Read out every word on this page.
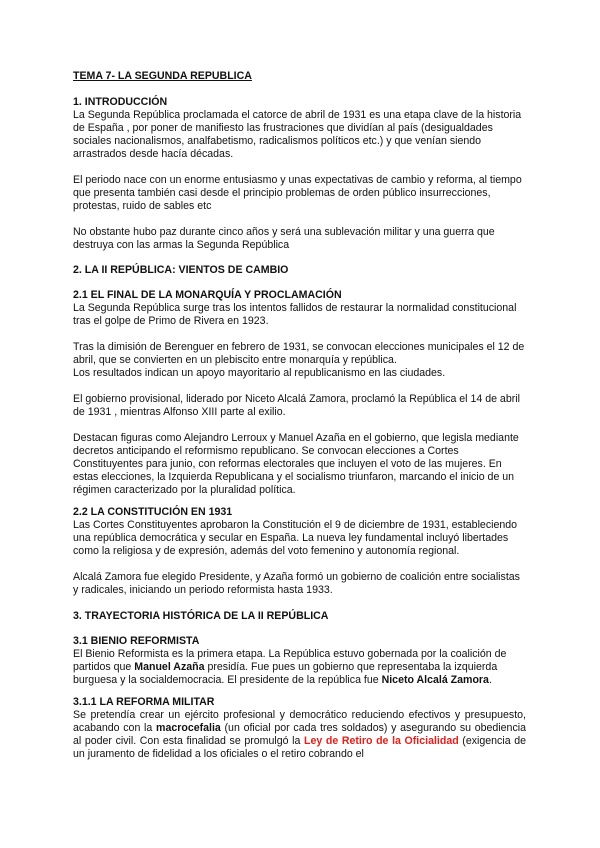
TEMA 7- LA SEGUNDA REPUBLICA
1. INTRODUCCIÓN

La Segunda República proclamada el catorce de abril de 1931 es una etapa clave de la historia de España , por poner de manifiesto las frustraciones que dividían al país (desigualdades sociales nacionalismos, analfabetismo, radicalismos políticos etc.) y que venían siendo arrastrados desde hacía décadas.

El periodo nace con un enorme entusiasmo y unas expectativas de cambio y reforma, al tiempo que presenta también casi desde el principio problemas de orden público insurrecciones, protestas, ruido de sables etc

No obstante hubo paz durante cinco años y será una sublevación militar y una guerra que destruya con las armas la Segunda República

2. LA II REPÚBLICA: VIENTOS DE CAMBIO
2.1 EL FINAL DE LA MONARQUÍA Y PROCLAMACIÓN

La Segunda República surge tras los intentos fallidos de restaurar la normalidad constitucional tras el golpe de Primo de Rivera en 1923.

Tras la dimisión de Berenguer en febrero de 1931, se convocan elecciones municipales el 12 de abril, que se convierten en un plebiscito entre monarquía y república.
Los resultados indican un apoyo mayoritario al republicanismo en las ciudades.

El gobierno provisional, liderado por Niceto Alcalá Zamora, proclamó la República el 14 de abril de 1931 , mientras Alfonso XIII parte al exilio.

Destacan figuras como Alejandro Lerroux y Manuel Azaña en el gobierno, que legisla mediante decretos anticipando el reformismo republicano. Se convocan elecciones a Cortes Constituyentes para junio, con reformas electorales que incluyen el voto de las mujeres. En estas elecciones, la Izquierda Republicana y el socialismo triunfaron, marcando el inicio de un régimen caracterizado por la pluralidad política.

2.2 LA CONSTITUCIÓN EN 1931

Las Cortes Constituyentes aprobaron la Constitución el 9 de diciembre de 1931, estableciendo una república democrática y secular en España. La nueva ley fundamental incluyó libertades como la religiosa y de expresión, además del voto femenino y autonomía regional.

Alcalá Zamora fue elegido Presidente, y Azaña formó un gobierno de coalición entre socialistas y radicales, iniciando un periodo reformista hasta 1933.

3. TRAYECTORIA HISTÓRICA DE LA II REPÚBLICA
3.1 BIENIO REFORMISTA

El Bienio Reformista es la primera etapa. La República estuvo gobernada por la coalición de partidos que Manuel Azaña presidía. Fue pues un gobierno que representaba la izquierda burguesa y la socialdemocracia. El presidente de la república fue Niceto Alcalá Zamora.

3.1.1 LA REFORMA MILITAR

Se pretendía crear un ejército profesional y democrático reduciendo efectivos y presupuesto, acabando con la macrocefalia (un oficial por cada tres soldados) y asegurando su obediencia al poder civil. Con esta finalidad se promulgó la Ley de Retiro de la Oficialidad (exigencia de un juramento de fidelidad a los oficiales o el retiro cobrando el
